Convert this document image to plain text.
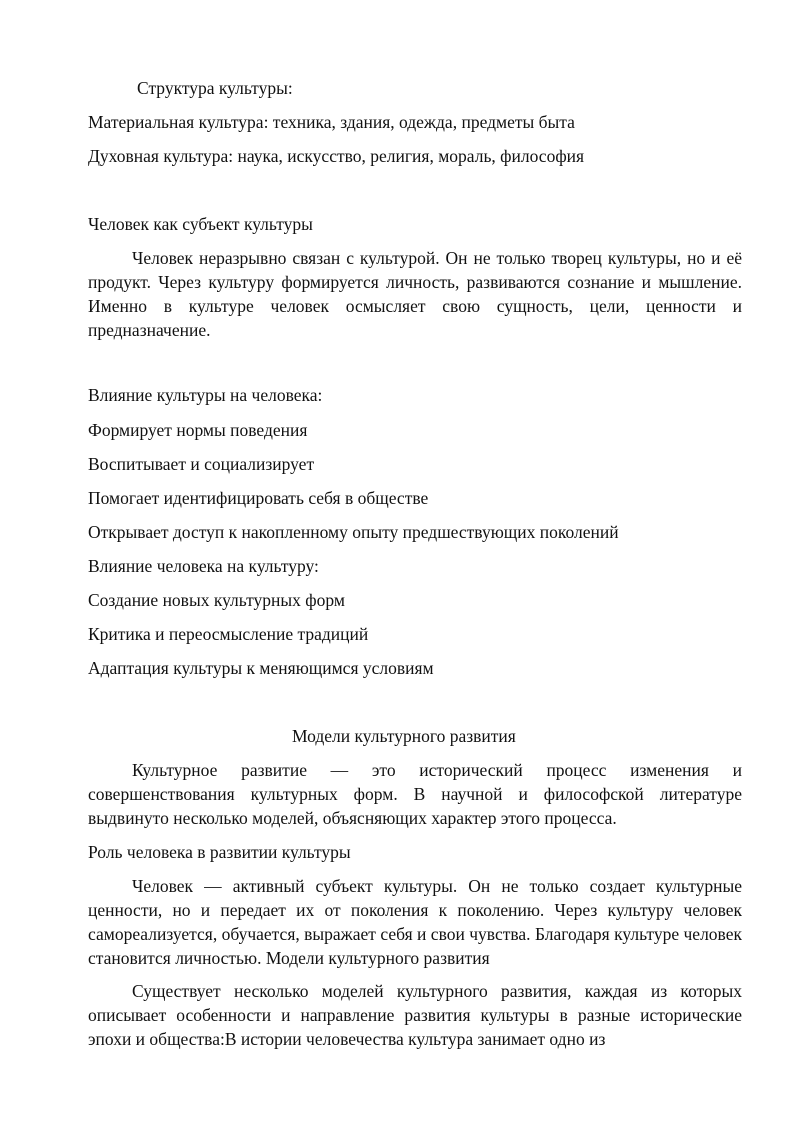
Структура культуры:
Материальная культура: техника, здания, одежда, предметы быта
Духовная культура: наука, искусство, религия, мораль, философия
Человек как субъект культуры

Человек неразрывно связан с культурой. Он не только творец культуры, но и её продукт. Через культуру формируется личность, развиваются сознание и мышление. Именно в культуре человек осмысляет свою сущность, цели, ценности и предназначение.

Влияние культуры на человека:
Формирует нормы поведения
Воспитывает и социализирует
Помогает идентифицировать себя в обществе
Открывает доступ к накопленному опыту предшествующих поколений
Влияние человека на культуру:
Создание новых культурных форм
Критика и переосмысление традиций
Адаптация культуры к меняющимся условиям
Модели культурного развития

Культурное развитие — это исторический процесс изменения и совершенствования культурных форм. В научной и философской литературе выдвинуто несколько моделей, объясняющих характер этого процесса.

Роль человека в развитии культуры

Человек — активный субъект культуры. Он не только создает культурные ценности, но и передает их от поколения к поколению. Через культуру человек самореализуется, обучается, выражает себя и свои чувства. Благодаря культуре человек становится личностью. Модели культурного развития

Существует несколько моделей культурного развития, каждая из которых описывает особенности и направление развития культуры в разные исторические эпохи и общества:В истории человечества культура занимает одно из
